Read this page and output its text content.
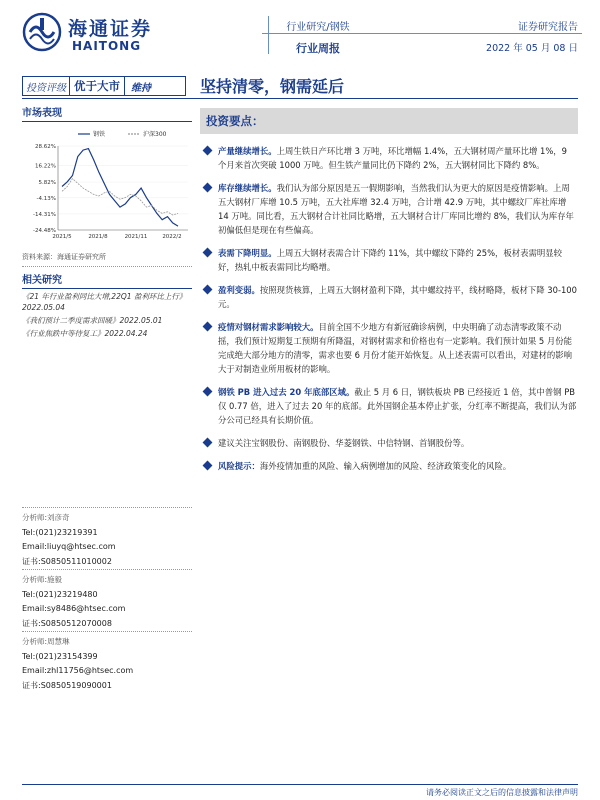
海通证券
HAITONG
行业研究/钢铁
行业周报
证券研究报告
2022 年 05 月 08 日
投资评级 优于大市	维持	坚持清零，钢需延后
市场表现
28.62%
16.22%
5.82%
-4.13%
-14.31%
-24.48%
2021/5	2021/8	2021/11	2022/2
钢铁	沪深300
资料来源：海通证券研究所
相关研究
《21 年行业盈利同比大增,22Q1 盈利环比上行》2022.05.04
《我们预计二季度需求回暖》2022.05.01
《行业焦跌中等待复工》2022.04.24
分析师:刘彦奇
Tel:(021)23219391
Email:liuyq@htsec.com
证书:S0850511010002
分析师:施毅
Tel:(021)23219480
Email:sy8486@htsec.com
证书:S0850512070008
分析师:周慧琳
Tel:(021)23154399
Email:zhl11756@htsec.com
证书:S0850519090001
投资要点：
产量继续增长。上周生铁日产环比增 3 万吨，环比增幅 1.4%，五大钢材周产量环比增 1%，9 个月来首次突破 1000 万吨。但生铁产量同比仍下降约 2%，五大钢材同比下降约 8%。
库存继续增长。我们认为部分原因是五一假期影响，当然我们认为更大的原因是疫情影响。上周五大钢材厂库增 10.5 万吨，五大社库增 32.4 万吨，合计增 42.9 万吨，其中螺纹厂库社库增 14 万吨。同比看，五大钢材合计社同比略增，五大钢材合计厂库同比增约 8%，我们认为库存年初偏低但是现在有些偏高。
表需下降明显。上周五大钢材表需合计下降约 11%，其中螺纹下降约 25%，板材表需明显较好，热轧中板表需同比均略增。
盈利变弱。按照现货核算，上周五大钢材盈利下降，其中螺纹持平，线材略降，板材下降 30-100 元。
疫情对钢材需求影响较大。目前全国不少地方有新冠确诊病例，中央明确了动态清零政策不动摇，我们预计短期复工预期有所降温，对钢材需求和价格也有一定影响。我们预计如果 5 月份能完成绝大部分地方的清零，需求也要 6 月份才能开始恢复。从上述表需可以看出，对建材的影响大于对制造业所用板材的影响。
钢铁 PB 进入过去 20 年底部区域。截止 5 月 6 日，钢铁板块 PB 已经接近 1 倍，其中普钢 PB 仅 0.77 倍，进入了过去 20 年的底部。此外国钢企基本停止扩张，分红率不断提高，我们认为部分公司已经具有长期价值。
建议关注宝钢股份、南钢股份、华菱钢铁、中信特钢、首钢股份等。
风险提示：海外疫情加重的风险、输入病例增加的风险、经济政策变化的风险。
请务必阅读正文之后的信息披露和法律声明
